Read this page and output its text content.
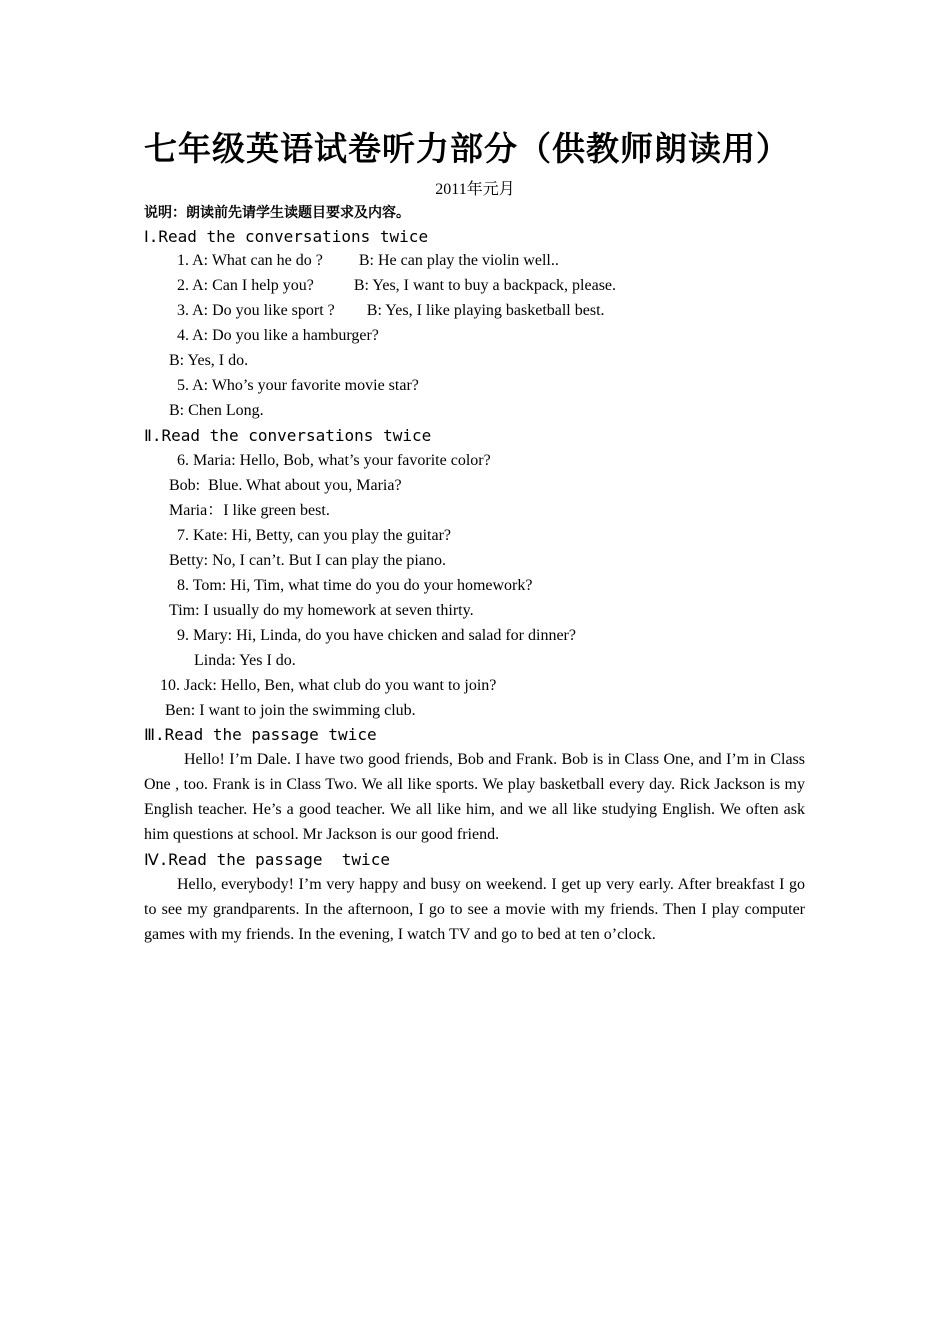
七年级英语试卷听力部分（供教师朗读用）
2011年元月
说明：朗读前先请学生读题目要求及内容。
Ⅰ.Read the conversations twice
1. A: What can he do ?         B: He can play the violin well..
2. A: Can I help you?          B: Yes, I want to buy a backpack, please.
3. A: Do you like sport ?        B: Yes, I like playing basketball best.
4. A: Do you like a hamburger?
B: Yes, I do.
5. A: Who’s your favorite movie star?
B: Chen Long.
Ⅱ.Read the conversations twice
6. Maria: Hello, Bob, what’s your favorite color?
Bob:  Blue. What about you, Maria?
Maria：I like green best.
7. Kate: Hi, Betty, can you play the guitar?
Betty: No, I can’t. But I can play the piano.
8. Tom: Hi, Tim, what time do you do your homework?
Tim: I usually do my homework at seven thirty.
9. Mary: Hi, Linda, do you have chicken and salad for dinner?
Linda: Yes I do.
10. Jack: Hello, Ben, what club do you want to join?
Ben: I want to join the swimming club.
Ⅲ.Read the passage twice
Hello! I’m Dale. I have two good friends, Bob and Frank. Bob is in Class One, and I’m in Class One , too. Frank is in Class Two. We all like sports. We play basketball every day. Rick Jackson is my English teacher. He’s a good teacher. We all like him, and we all like studying English. We often ask him questions at school. Mr Jackson is our good friend.
Ⅳ.Read the passage  twice
Hello, everybody! I’m very happy and busy on weekend. I get up very early. After breakfast I go to see my grandparents. In the afternoon, I go to see a movie with my friends. Then I play computer games with my friends. In the evening, I watch TV and go to bed at ten o’clock.
